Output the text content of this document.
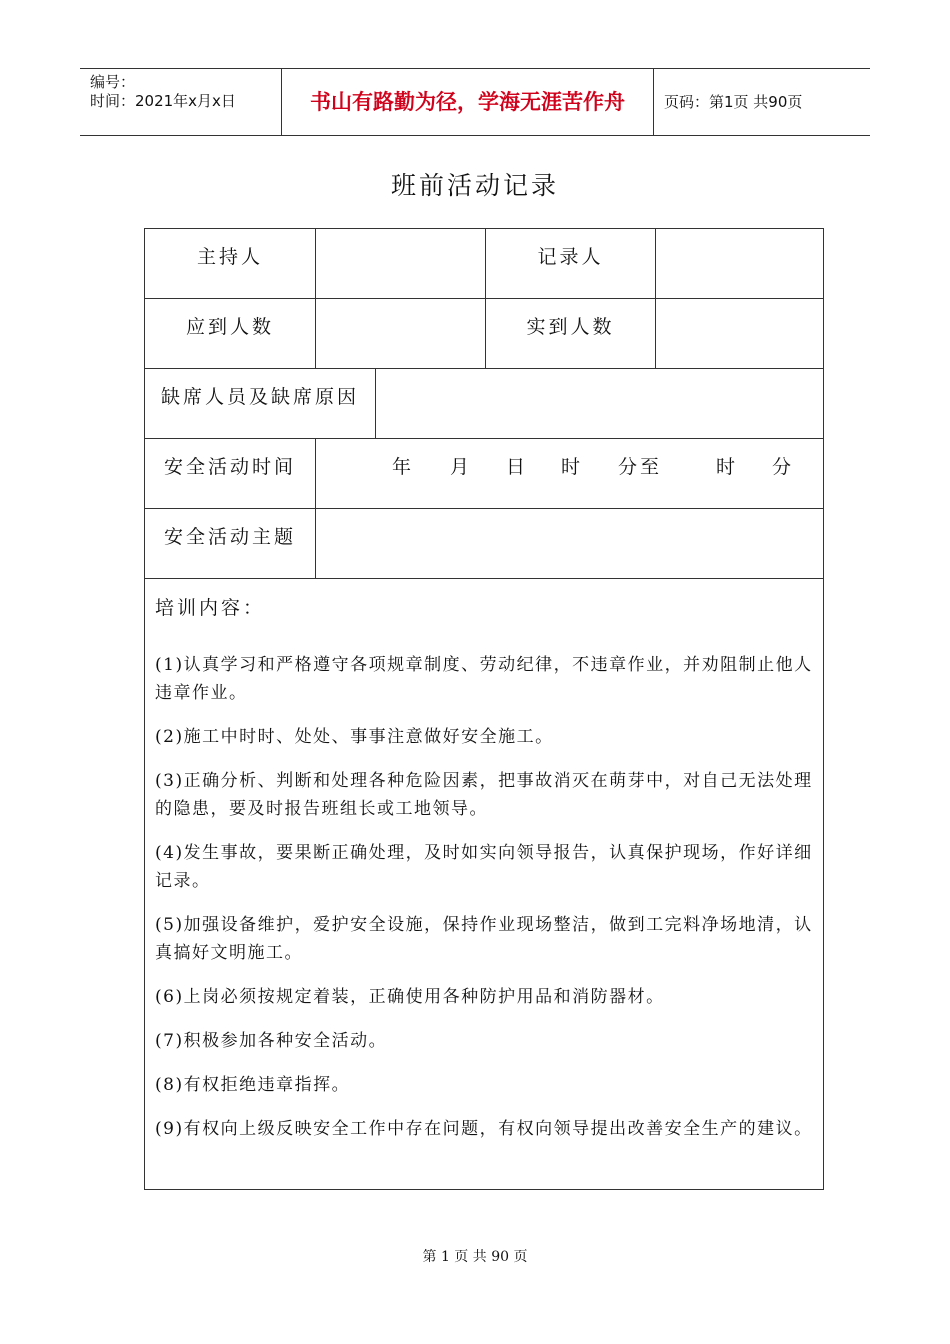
编号：
时间：2021年x月x日	书山有路勤为径，学海无涯苦作舟	页码：第1页 共90页
班前活动记录
主持人	记录人
应到人数	实到人数
缺席人员及缺席原因
安全活动时间	年 月 日 时 分至	时 分
安全活动主题
培训内容：
(1)认真学习和严格遵守各项规章制度、劳动纪律，不违章作业，并劝阻制止他人违章作业。
(2)施工中时时、处处、事事注意做好安全施工。
(3)正确分析、判断和处理各种危险因素，把事故消灭在萌芽中，对自己无法处理的隐患，要及时报告班组长或工地领导。
(4)发生事故，要果断正确处理，及时如实向领导报告，认真保护现场，作好详细记录。
(5)加强设备维护，爱护安全设施，保持作业现场整洁，做到工完料净场地清，认真搞好文明施工。
(6)上岗必须按规定着装，正确使用各种防护用品和消防器材。
(7)积极参加各种安全活动。
(8)有权拒绝违章指挥。
(9)有权向上级反映安全工作中存在问题，有权向领导提出改善安全生产的建议。
第 1 页 共 90 页
